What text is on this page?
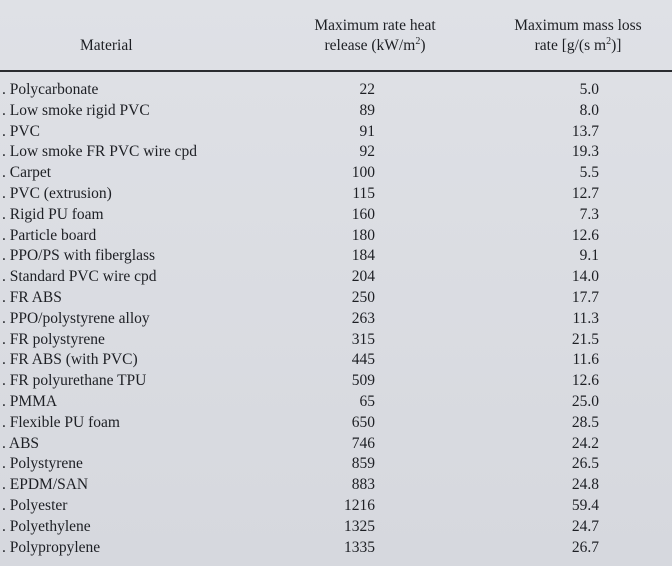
Material
Maximum rate heat
release $(kW/m^2)$
Maximum mass loss
rate [g/(s $m^2$)]
. Polycarbonate	22	5.0
. Low smoke rigid PVC	89	8.0
. PVC	91	13.7
. Low smoke FR PVC wire cpd	92	19.3
. Carpet	100	5.5
. PVC (extrusion)	115	12.7
. Rigid PU foam	160	7.3
. Particle board	180	12.6
. PPO/PS with fiberglass	184	9.1
. Standard PVC wire cpd	204	14.0
. FR ABS	250	17.7
. PPO/polystyrene alloy	263	11.3
. FR polystyrene	315	21.5
. FR ABS (with PVC)	445	11.6
. FR polyurethane TPU	509	12.6
. PMMA	65	25.0
. Flexible PU foam	650	28.5
. ABS	746	24.2
. Polystyrene	859	26.5
. EPDM/SAN	883	24.8
. Polyester	1216	59.4
. Polyethylene	1325	24.7
. Polypropylene	1335	26.7
